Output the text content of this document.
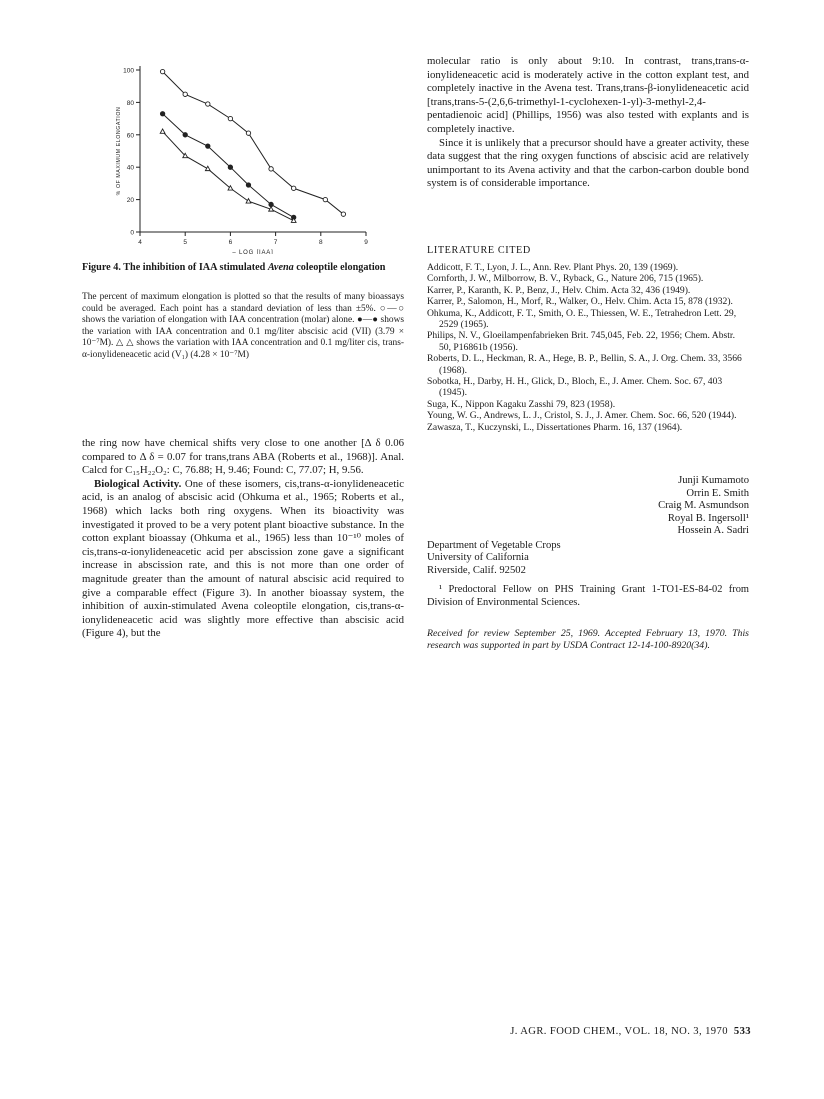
0
20
40
60
80
100
4	5	6	7	8	9
– LOG [IAA]
% OF MAXIMUM ELONGATION
Figure 4. The inhibition of IAA stimulated Avena coleoptile elongation
The percent of maximum elongation is plotted so that the results of many bioassays could be averaged. Each point has a standard deviation of less than ±5%. ○—○ shows the variation of elongation with IAA concentration (molar) alone. ●—● shows the variation with IAA concentration and 0.1 mg/liter abscisic acid (VII) (3.79 × 10⁻⁷M). △ △ shows the variation with IAA concentration and 0.1 mg/liter cis, trans-α-ionylideneacetic acid (V₁) (4.28 × 10⁻⁷M)

the ring now have chemical shifts very close to one another [Δ δ 0.06 compared to Δ δ = 0.07 for trans,trans ABA (Roberts et al., 1968)]. Anal. Calcd for C₁₅H₂₂O₂: C, 76.88; H, 9.46; Found: C, 77.07; H, 9.56.

Biological Activity. One of these isomers, cis,trans-α-ionylideneacetic acid, is an analog of abscisic acid (Ohkuma et al., 1965; Roberts et al., 1968) which lacks both ring oxygens. When its bioactivity was investigated it proved to be a very potent plant bioactive substance. In the cotton explant bioassay (Ohkuma et al., 1965) less than 10⁻¹⁰ moles of cis,trans-α-ionylideneacetic acid per abscission zone gave a significant increase in abscission rate, and this is not more than one order of magnitude greater than the amount of natural abscisic acid required to give a comparable effect (Figure 3). In another bioassay system, the inhibition of auxin-stimulated Avena coleoptile elongation, cis,trans-α-ionylideneacetic acid was slightly more effective than abscisic acid (Figure 4), but the

molecular ratio is only about 9:10. In contrast, trans,trans-α-ionylideneacetic acid is moderately active in the cotton explant test, and completely inactive in the Avena test. Trans,trans-β-ionylideneacetic acid [trans,trans-5-(2,6,6-trimethyl-1-cyclohexen-1-yl)-3-methyl-2,4-pentadienoic acid] (Phillips, 1956) was also tested with explants and is completely inactive.

Since it is unlikely that a precursor should have a greater activity, these data suggest that the ring oxygen functions of abscisic acid are relatively unimportant to its Avena activity and that the carbon-carbon double bond system is of considerable importance.

LITERATURE CITED

Addicott, F. T., Lyon, J. L., Ann. Rev. Plant Phys. 20, 139 (1969).

Cornforth, J. W., Milborrow, B. V., Ryback, G., Nature 206, 715 (1965).

Karrer, P., Karanth, K. P., Benz, J., Helv. Chim. Acta 32, 436 (1949).

Karrer, P., Salomon, H., Morf, R., Walker, O., Helv. Chim. Acta 15, 878 (1932).

Ohkuma, K., Addicott, F. T., Smith, O. E., Thiessen, W. E., Tetrahedron Lett. 29, 2529 (1965).

Philips, N. V., Gloeilampenfabrieken Brit. 745,045, Feb. 22, 1956; Chem. Abstr. 50, P16861b (1956).

Roberts, D. L., Heckman, R. A., Hege, B. P., Bellin, S. A., J. Org. Chem. 33, 3566 (1968).

Sobotka, H., Darby, H. H., Glick, D., Bloch, E., J. Amer. Chem. Soc. 67, 403 (1945).

Suga, K., Nippon Kagaku Zasshi 79, 823 (1958).

Young, W. G., Andrews, L. J., Cristol, S. J., J. Amer. Chem. Soc. 66, 520 (1944).

Zawasza, T., Kuczynski, L., Dissertationes Pharm. 16, 137 (1964).

Junji Kumamoto
Orrin E. Smith
Craig M. Asmundson
Royal B. Ingersoll¹
Hossein A. Sadri
Department of Vegetable Crops
University of California
Riverside, Calif. 92502
¹ Predoctoral Fellow on PHS Training Grant 1-TO1-ES-84-02 from Division of Environmental Sciences.
Received for review September 25, 1969. Accepted February 13, 1970. This research was supported in part by USDA Contract 12-14-100-8920(34).
J. AGR. FOOD CHEM., VOL. 18, NO. 3, 1970 533
